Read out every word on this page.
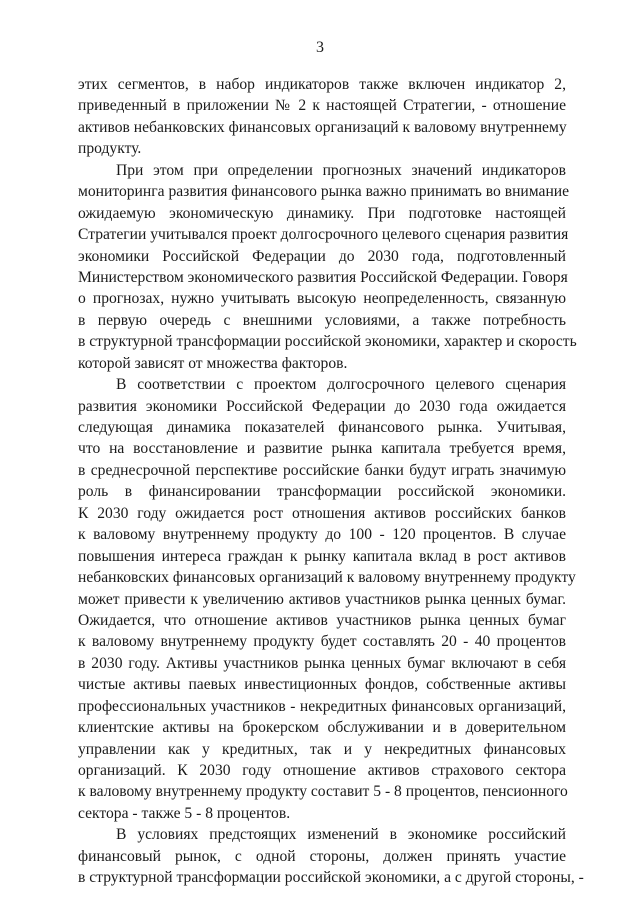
3
этих сегментов, в набор индикаторов также включен индикатор 2,
приведенный в приложении № 2 к настоящей Стратегии, - отношение
активов небанковских финансовых организаций к валовому внутреннему
продукту.
При этом при определении прогнозных значений индикаторов
мониторинга развития финансового рынка важно принимать во внимание
ожидаемую экономическую динамику. При подготовке настоящей
Стратегии учитывался проект долгосрочного целевого сценария развития
экономики Российской Федерации до 2030 года, подготовленный
Министерством экономического развития Российской Федерации. Говоря
о прогнозах, нужно учитывать высокую неопределенность, связанную
в первую очередь с внешними условиями, а также потребность
в структурной трансформации российской экономики, характер и скорость
которой зависят от множества факторов.
В соответствии с проектом долгосрочного целевого сценария
развития экономики Российской Федерации до 2030 года ожидается
следующая динамика показателей финансового рынка. Учитывая,
что на восстановление и развитие рынка капитала требуется время,
в среднесрочной перспективе российские банки будут играть значимую
роль в финансировании трансформации российской экономики.
К 2030 году ожидается рост отношения активов российских банков
к валовому внутреннему продукту до 100 - 120 процентов. В случае
повышения интереса граждан к рынку капитала вклад в рост активов
небанковских финансовых организаций к валовому внутреннему продукту
может привести к увеличению активов участников рынка ценных бумаг.
Ожидается, что отношение активов участников рынка ценных бумаг
к валовому внутреннему продукту будет составлять 20 - 40 процентов
в 2030 году. Активы участников рынка ценных бумаг включают в себя
чистые активы паевых инвестиционных фондов, собственные активы
профессиональных участников - некредитных финансовых организаций,
клиентские активы на брокерском обслуживании и в доверительном
управлении как у кредитных, так и у некредитных финансовых
организаций. К 2030 году отношение активов страхового сектора
к валовому внутреннему продукту составит 5 - 8 процентов, пенсионного
сектора - также 5 - 8 процентов.
В условиях предстоящих изменений в экономике российский
финансовый рынок, с одной стороны, должен принять участие
в структурной трансформации российской экономики, а с другой стороны, -
